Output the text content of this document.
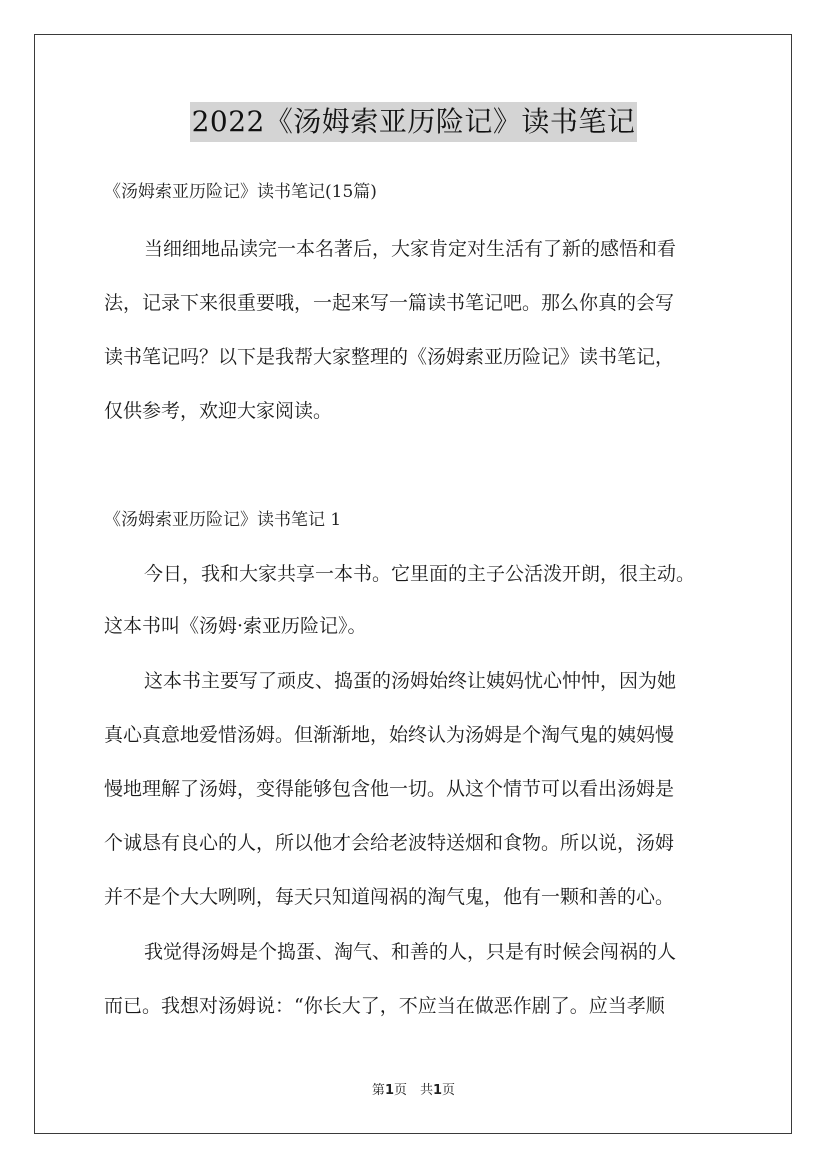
2022《汤姆索亚历险记》读书笔记
《汤姆索亚历险记》读书笔记(15篇)
当细细地品读完一本名著后，大家肯定对生活有了新的感悟和看
法，记录下来很重要哦，一起来写一篇读书笔记吧。那么你真的会写
读书笔记吗？以下是我帮大家整理的《汤姆索亚历险记》读书笔记，
仅供参考，欢迎大家阅读。
《汤姆索亚历险记》读书笔记 1
今日，我和大家共享一本书。它里面的主子公活泼开朗，很主动。
这本书叫《汤姆·索亚历险记》。
这本书主要写了顽皮、捣蛋的汤姆始终让姨妈忧心忡忡，因为她
真心真意地爱惜汤姆。但渐渐地，始终认为汤姆是个淘气鬼的姨妈慢
慢地理解了汤姆，变得能够包含他一切。从这个情节可以看出汤姆是
个诚恳有良心的人，所以他才会给老波特送烟和食物。所以说，汤姆
并不是个大大咧咧，每天只知道闯祸的淘气鬼，他有一颗和善的心。
我觉得汤姆是个捣蛋、淘气、和善的人，只是有时候会闯祸的人
而已。我想对汤姆说：“你长大了，不应当在做恶作剧了。应当孝顺
第1页　共1页
